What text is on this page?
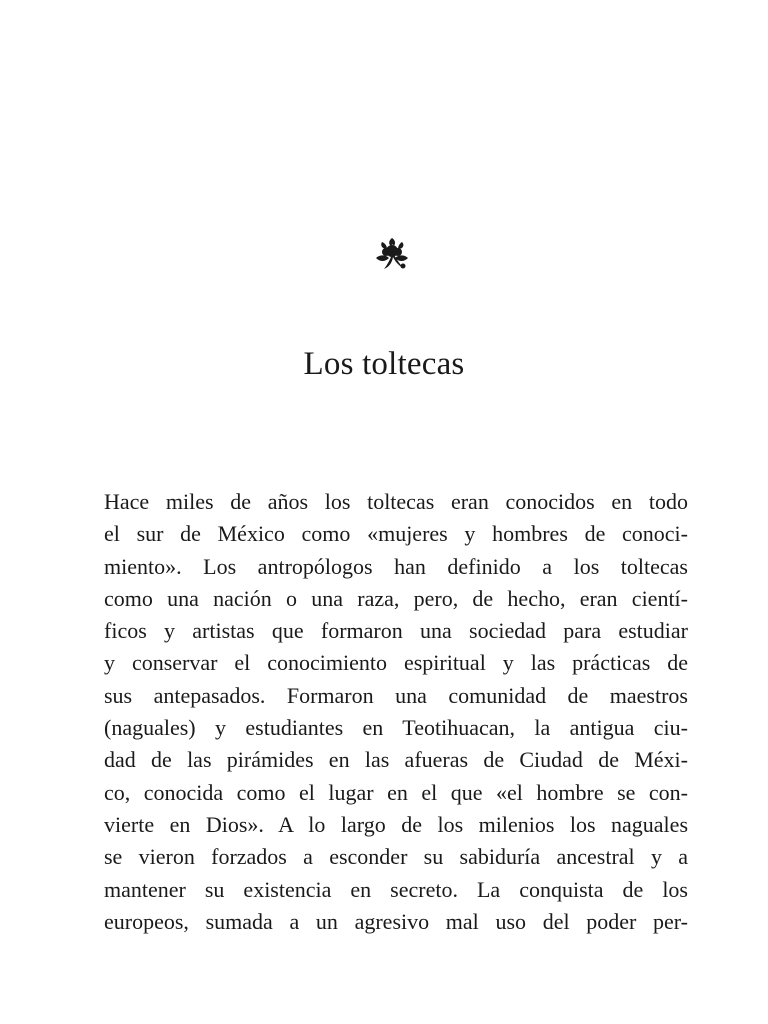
Los toltecas
Hace miles de años los toltecas eran conocidos en todo
el sur de México como «mujeres y hombres de conoci-
miento». Los antropólogos han definido a los toltecas
como una nación o una raza, pero, de hecho, eran cientí-
ficos y artistas que formaron una sociedad para estudiar
y conservar el conocimiento espiritual y las prácticas de
sus antepasados. Formaron una comunidad de maestros
(naguales) y estudiantes en Teotihuacan, la antigua ciu-
dad de las pirámides en las afueras de Ciudad de Méxi-
co, conocida como el lugar en el que «el hombre se con-
vierte en Dios». A lo largo de los milenios los naguales
se vieron forzados a esconder su sabiduría ancestral y a
mantener su existencia en secreto. La conquista de los
europeos, sumada a un agresivo mal uso del poder per-
